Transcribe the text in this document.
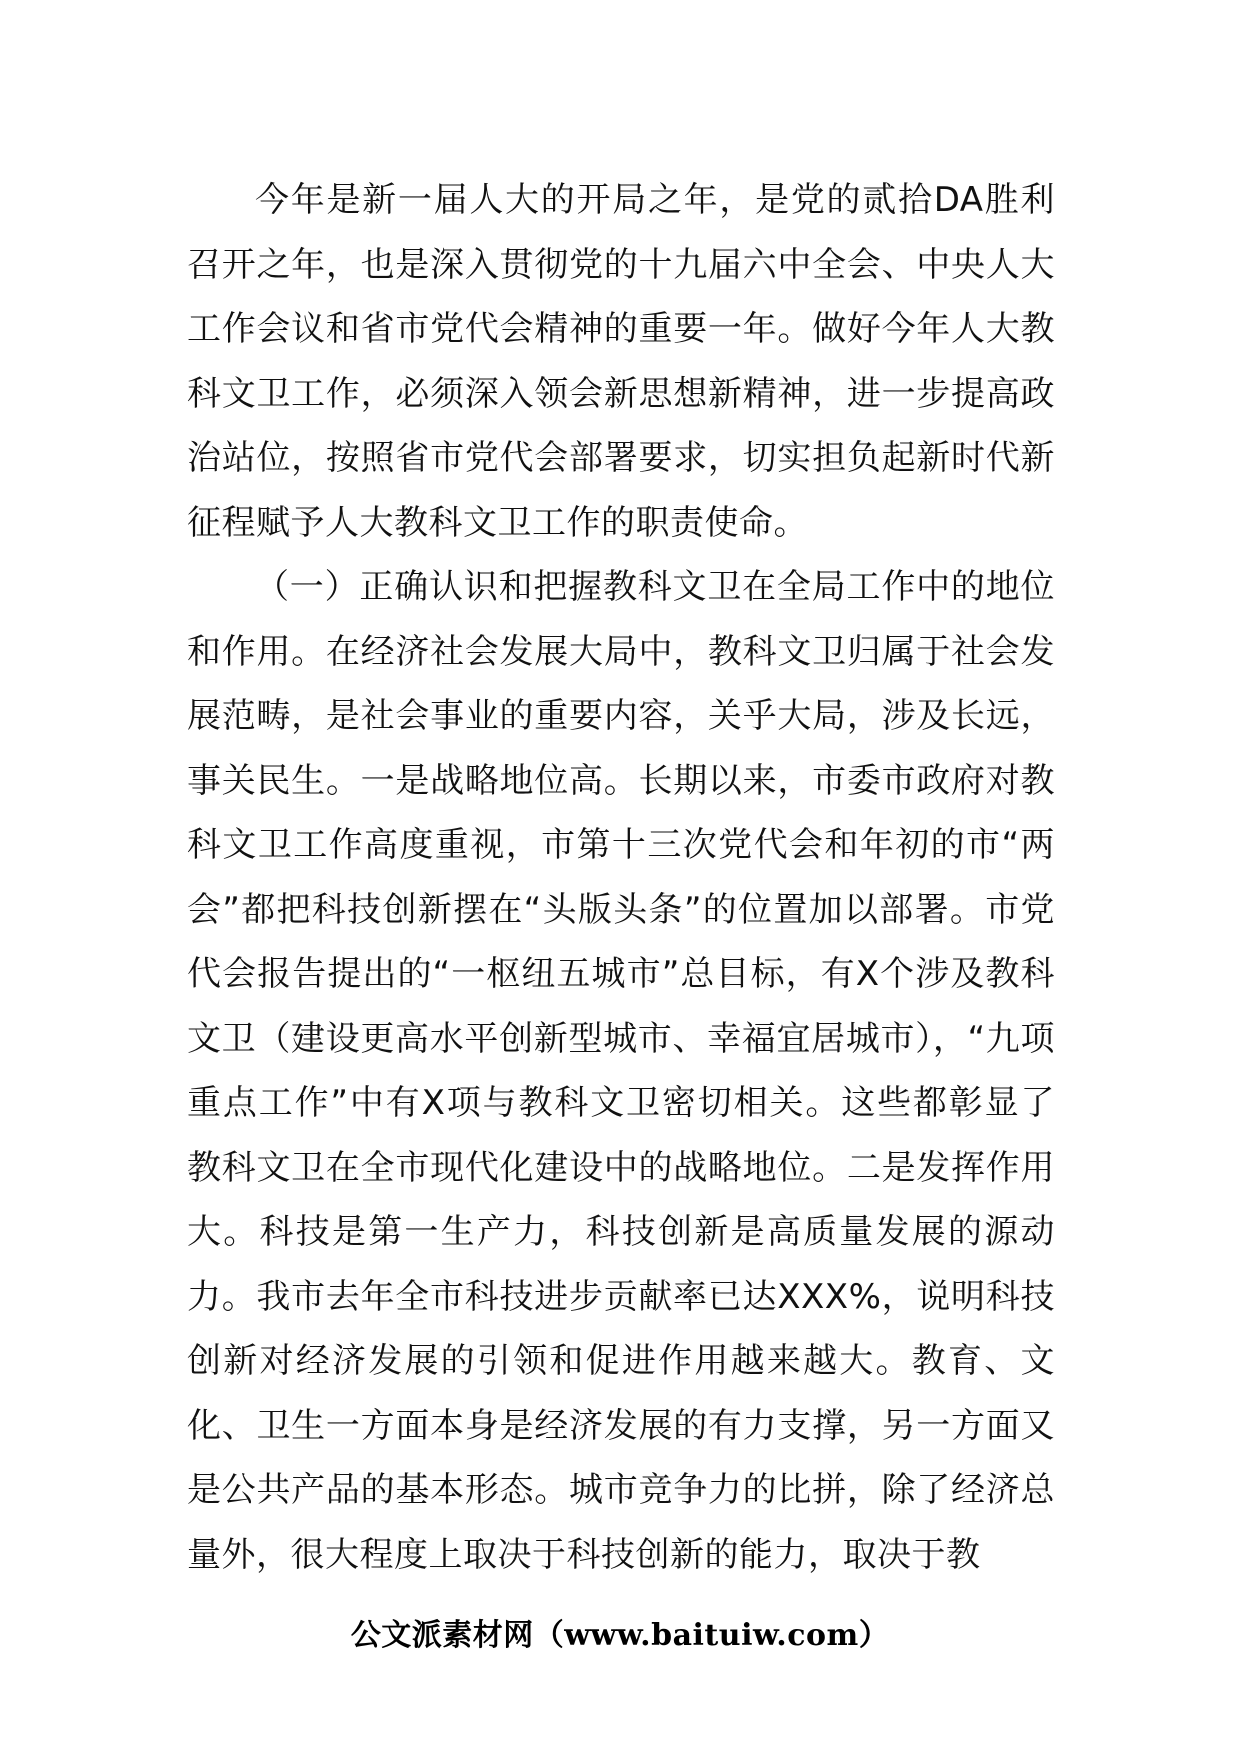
今年是新一届人大的开局之年，是党的贰拾DA胜利召开之年，也是深入贯彻党的十九届六中全会、中央人大工作会议和省市党代会精神的重要一年。做好今年人大教科文卫工作，必须深入领会新思想新精神，进一步提高政治站位，按照省市党代会部署要求，切实担负起新时代新征程赋予人大教科文卫工作的职责使命。

（一）正确认识和把握教科文卫在全局工作中的地位和作用。在经济社会发展大局中，教科文卫归属于社会发展范畴，是社会事业的重要内容，关乎大局，涉及长远，事关民生。一是战略地位高。长期以来，市委市政府对教科文卫工作高度重视，市第十三次党代会和年初的市“两会”都把科技创新摆在“头版头条”的位置加以部署。市党代会报告提出的“一枢纽五城市”总目标，有X个涉及教科文卫（建设更高水平创新型城市、幸福宜居城市），“九项重点工作”中有X项与教科文卫密切相关。这些都彰显了教科文卫在全市现代化建设中的战略地位。二是发挥作用大。科技是第一生产力，科技创新是高质量发展的源动力。我市去年全市科技进步贡献率已达XXX%，说明科技创新对经济发展的引领和促进作用越来越大。教育、文化、卫生一方面本身是经济发展的有力支撑，另一方面又是公共产品的基本形态。城市竞争力的比拼，除了经济总量外，很大程度上取决于科技创新的能力，取决于教

公文派素材网（www.baituiw.com）
